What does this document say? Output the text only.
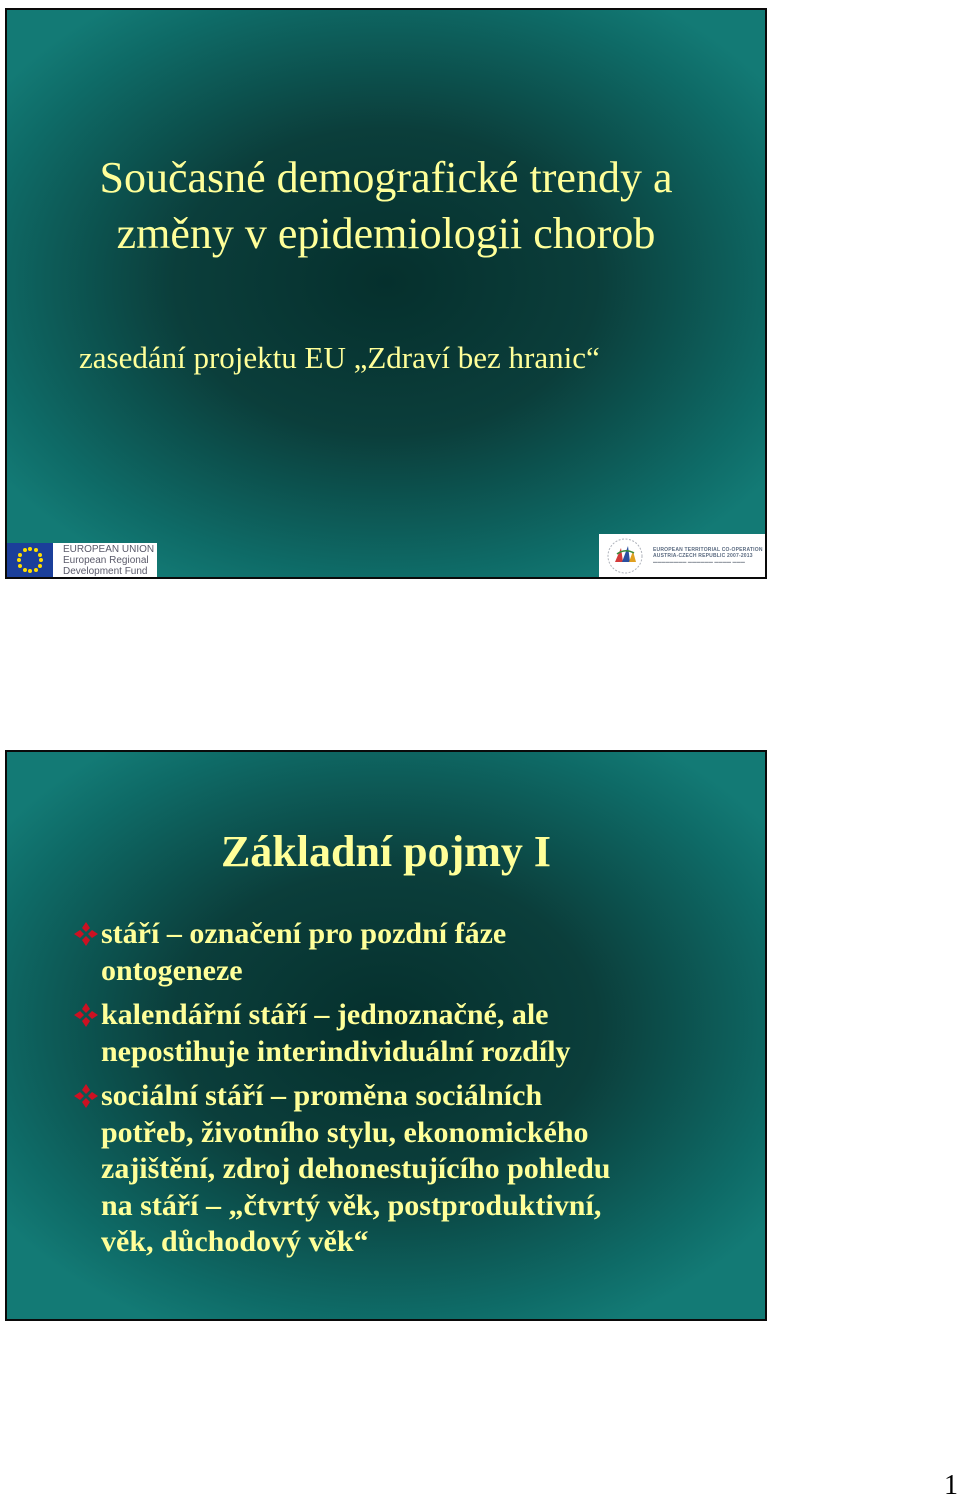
Současné demografické trendy a
změny v epidemiologii chorob
zasedání projektu EU „Zdraví bez hranic“
EUROPEAN UNION
European Regional
Development Fund
EUROPEAN TERRITORIAL CO-OPERATION
AUSTRIA-CZECH REPUBLIC 2007-2013
▬▬▬▬▬▬▬▬ ▬▬▬▬▬▬ ▬▬▬▬ ▬▬▬
Základní pojmy I
stáří – označení pro pozdní fáze
ontogeneze
kalendářní stáří – jednoznačné, ale
nepostihuje interindividuální rozdíly
sociální stáří – proměna sociálních
potřeb, životního stylu, ekonomického
zajištění, zdroj dehonestujícího pohledu
na stáří – „čtvrtý věk, postproduktivní,
věk, důchodový věk“
1
